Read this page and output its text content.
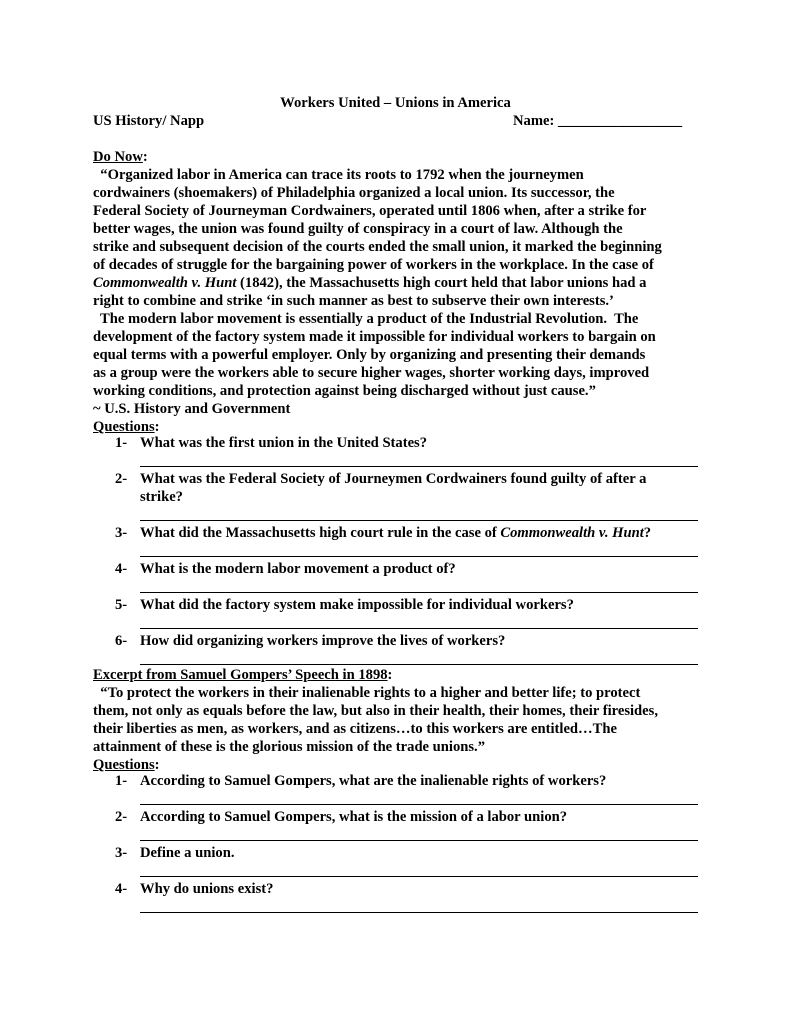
Workers United – Unions in America
US History/ Napp	Name: _________________
Do Now:
“Organized labor in America can trace its roots to 1792 when the journeymen
cordwainers (shoemakers) of Philadelphia organized a local union. Its successor, the
Federal Society of Journeyman Cordwainers, operated until 1806 when, after a strike for
better wages, the union was found guilty of conspiracy in a court of law. Although the
strike and subsequent decision of the courts ended the small union, it marked the beginning
of decades of struggle for the bargaining power of workers in the workplace. In the case of
Commonwealth v. Hunt (1842), the Massachusetts high court held that labor unions had a
right to combine and strike ‘in such manner as best to subserve their own interests.’
The modern labor movement is essentially a product of the Industrial Revolution.  The
development of the factory system made it impossible for individual workers to bargain on
equal terms with a powerful employer. Only by organizing and presenting their demands
as a group were the workers able to secure higher wages, shorter working days, improved
working conditions, and protection against being discharged without just cause.”
~ U.S. History and Government
Questions:
1- What was the first union in the United States?
2- What was the Federal Society of Journeymen Cordwainers found guilty of after a
strike?
3- What did the Massachusetts high court rule in the case of Commonwealth v. Hunt?
4- What is the modern labor movement a product of?
5- What did the factory system make impossible for individual workers?
6- How did organizing workers improve the lives of workers?
Excerpt from Samuel Gompers’ Speech in 1898:
“To protect the workers in their inalienable rights to a higher and better life; to protect
them, not only as equals before the law, but also in their health, their homes, their firesides,
their liberties as men, as workers, and as citizens…to this workers are entitled…The
attainment of these is the glorious mission of the trade unions.”
Questions:
1- According to Samuel Gompers, what are the inalienable rights of workers?
2- According to Samuel Gompers, what is the mission of a labor union?
3- Define a union.
4- Why do unions exist?
